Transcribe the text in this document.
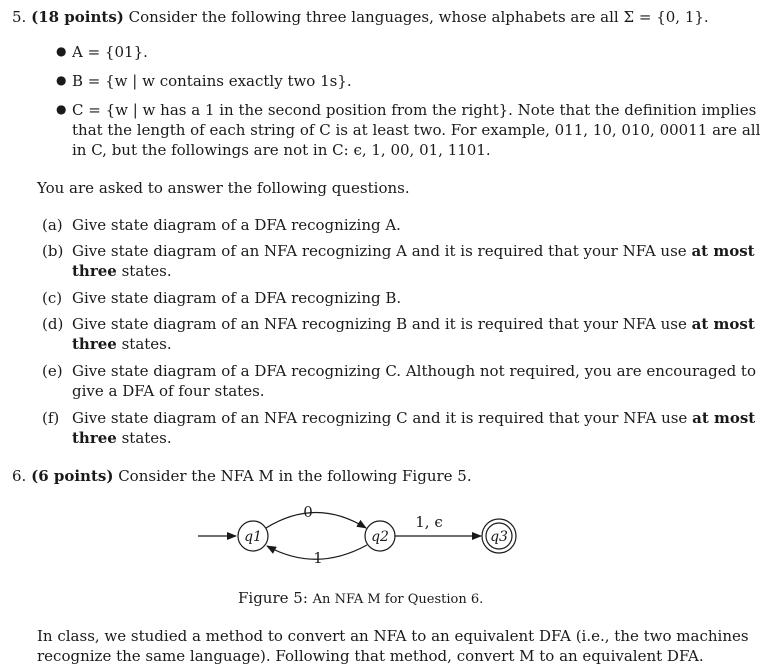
5. (18 points) Consider the following three languages, whose alphabets are all Σ = {0, 1}.
● A = {01}.
● B = {w | w contains exactly two 1s}.
● C = {w | w has a 1 in the second position from the right}. Note that the definition implies
that the length of each string of C is at least two. For example, 011, 10, 010, 00011 are all
in C, but the followings are not in C: ϵ, 1, 00, 01, 1101.
You are asked to answer the following questions.
(a) Give state diagram of a DFA recognizing A.
(b) Give state diagram of an NFA recognizing A and it is required that your NFA use at most
three states.
(c) Give state diagram of a DFA recognizing B.
(d) Give state diagram of an NFA recognizing B and it is required that your NFA use at most
three states.
(e) Give state diagram of a DFA recognizing C. Although not required, you are encouraged to
give a DFA of four states.
(f) Give state diagram of an NFA recognizing C and it is required that your NFA use at most
three states.
6. (6 points) Consider the NFA M in the following Figure 5.
q1	q2	q3
0
1
1, ϵ
Figure 5: An NFA M for Question 6.
In class, we studied a method to convert an NFA to an equivalent DFA (i.e., the two machines
recognize the same language). Following that method, convert M to an equivalent DFA.
